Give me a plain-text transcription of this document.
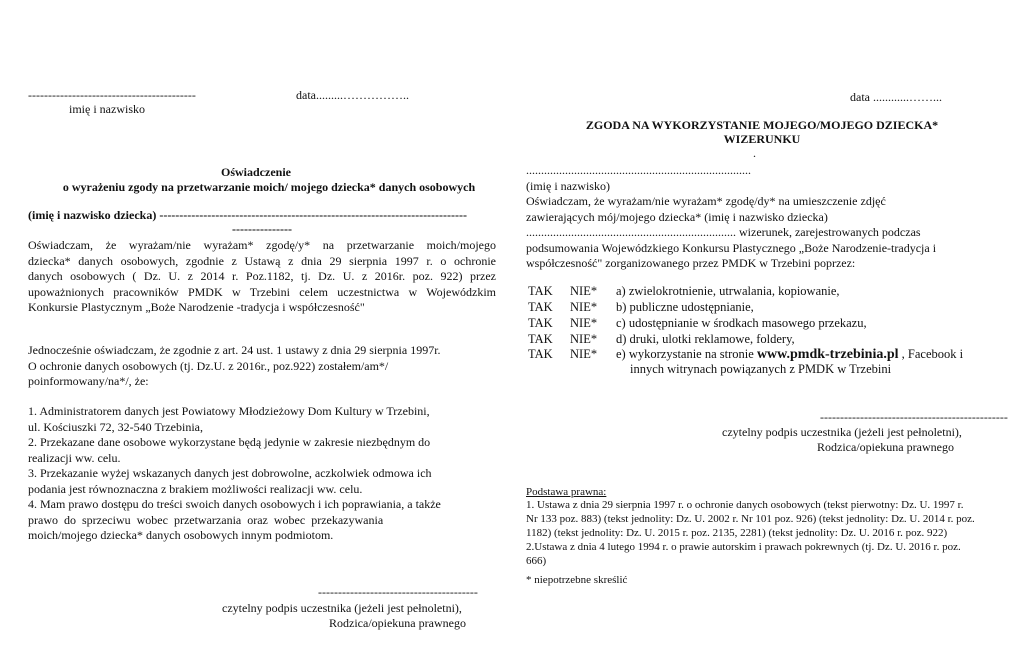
------------------------------------------	data.........……………..
imię i nazwisko
Oświadczenie
o wyrażeniu zgody na przetwarzanie moich/ mojego dziecka* danych osobowych
(imię i nazwisko dziecka) -----------------------------------------------------------------------------
---------------
Oświadczam, że wyrażam/nie wyrażam* zgodę/y* na przetwarzanie moich/mojego
dziecka* danych osobowych, zgodnie z Ustawą z dnia 29 sierpnia 1997 r. o ochronie
danych osobowych ( Dz. U. z 2014 r. Poz.1182, tj. Dz. U. z 2016r. poz. 922) przez
upoważnionych pracowników PMDK w Trzebini celem uczestnictwa w Wojewódzkim
Konkursie Plastycznym „Boże Narodzenie -tradycja i współczesność"
Jednocześnie oświadczam, że zgodnie z art. 24 ust. 1 ustawy z dnia 29 sierpnia 1997r.
O ochronie danych osobowych (tj. Dz.U. z 2016r., poz.922) zostałem/am*/
poinformowany/na*/, że:
1. Administratorem danych jest Powiatowy Młodzieżowy Dom Kultury w Trzebini,
ul. Kościuszki 72, 32-540 Trzebinia,
2. Przekazane dane osobowe wykorzystane będą jedynie w zakresie niezbędnym do
realizacji ww. celu.
3. Przekazanie wyżej wskazanych danych jest dobrowolne, aczkolwiek odmowa ich
podania jest równoznaczna z brakiem możliwości realizacji ww. celu.
4. Mam prawo dostępu do treści swoich danych osobowych i ich poprawiania, a także
prawo do sprzeciwu wobec przetwarzania oraz wobec przekazywania
moich/mojego dziecka* danych osobowych innym podmiotom.
----------------------------------------
czytelny podpis uczestnika (jeżeli jest pełnoletni),
Rodzica/opiekuna prawnego
data ............……...
ZGODA NA WYKORZYSTANIE MOJEGO/MOJEGO DZIECKA*
WIZERUNKU
.
...........................................................................
(imię i nazwisko)
Oświadczam, że wyrażam/nie wyrażam* zgodę/dy* na umieszczenie zdjęć
zawierających mój/mojego dziecka* (imię i nazwisko dziecka)
...................................................................... wizerunek, zarejestrowanych podczas
podsumowania Wojewódzkiego Konkursu Plastycznego „Boże Narodzenie-tradycja i
współczesność" zorganizowanego przez PMDK w Trzebini poprzez:
TAK NIE* a) zwielokrotnienie, utrwalania, kopiowanie,
TAK NIE* b) publiczne udostępnianie,
TAK NIE* c) udostępnianie w środkach masowego przekazu,
TAK NIE* d) druki, ulotki reklamowe, foldery,
TAK NIE* e) wykorzystanie na stronie www.pmdk-trzebinia.pl , Facebook i
innych witrynach powiązanych z PMDK w Trzebini
-----------------------------------------------
czytelny podpis uczestnika (jeżeli jest pełnoletni),
Rodzica/opiekuna prawnego
Podstawa prawna:
1. Ustawa z dnia 29 sierpnia 1997 r. o ochronie danych osobowych (tekst pierwotny: Dz. U. 1997 r.
Nr 133 poz. 883) (tekst jednolity: Dz. U. 2002 r. Nr 101 poz. 926) (tekst jednolity: Dz. U. 2014 r. poz.
1182) (tekst jednolity: Dz. U. 2015 r. poz. 2135, 2281) (tekst jednolity: Dz. U. 2016 r. poz. 922)
2.Ustawa z dnia 4 lutego 1994 r. o prawie autorskim i prawach pokrewnych (tj. Dz. U. 2016 r. poz.
666)
* niepotrzebne skreślić
